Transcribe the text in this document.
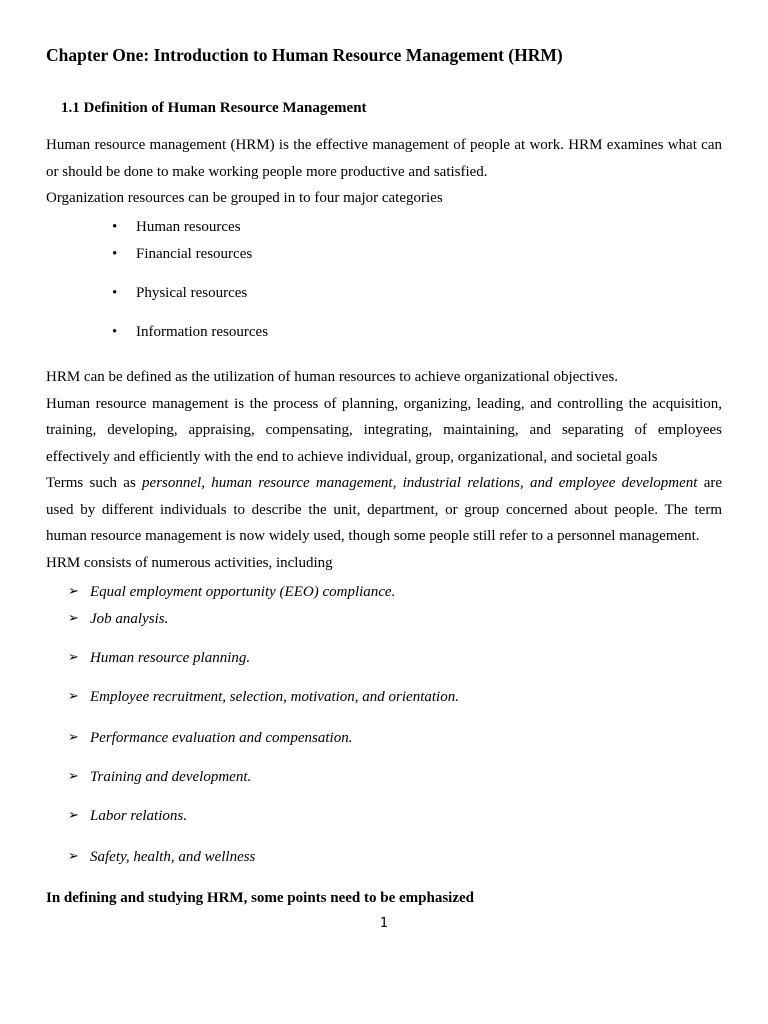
Chapter One: Introduction to Human Resource Management (HRM)
1.1 Definition of Human Resource Management
Human resource management (HRM) is the effective management of people at work. HRM examines what can
or should be done to make working people more productive and satisfied.
Organization resources can be grouped in to four major categories
• Human resources
• Financial resources
• Physical resources
• Information resources
HRM can be defined as the utilization of human resources to achieve organizational objectives.
Human resource management is the process of planning, organizing, leading, and controlling the acquisition,
training, developing, appraising, compensating, integrating, maintaining, and separating of employees
effectively and efficiently with the end to achieve individual, group, organizational, and societal goals
Terms such as personnel, human resource management, industrial relations, and employee development are
used by different individuals to describe the unit, department, or group concerned about people. The term
human resource management is now widely used, though some people still refer to a personnel management.
HRM consists of numerous activities, including
➢ Equal employment opportunity (EEO) compliance.
➢ Job analysis.
➢ Human resource planning.
➢ Employee recruitment, selection, motivation, and orientation.
➢ Performance evaluation and compensation.
➢ Training and development.
➢ Labor relations.
➢ Safety, health, and wellness
In defining and studying HRM, some points need to be emphasized
1
